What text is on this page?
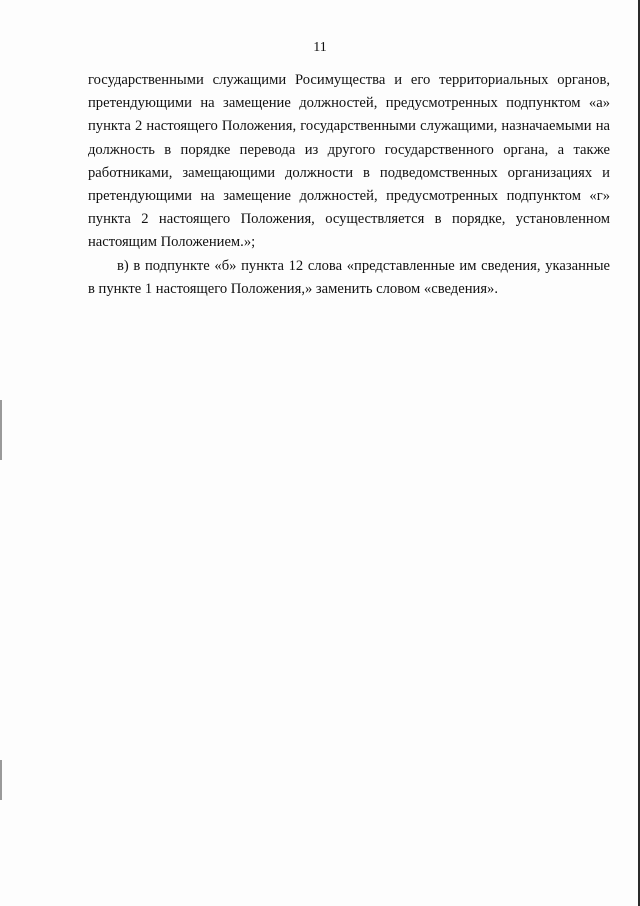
11

государственными служащими Росимущества и его территориальных органов, претендующими на замещение должностей, предусмотренных подпунктом «а» пункта 2 настоящего Положения, государственными служащими, назначаемыми на должность в порядке перевода из другого государственного органа, а также работниками, замещающими должности в подведомственных организациях и претендующими на замещение должностей, предусмотренных подпунктом «г» пункта 2 настоящего Положения, осуществляется в порядке, установленном настоящим Положением.»;

в) в подпункте «б» пункта 12 слова «представленные им сведения, указанные в пункте 1 настоящего Положения,» заменить словом «сведения».
